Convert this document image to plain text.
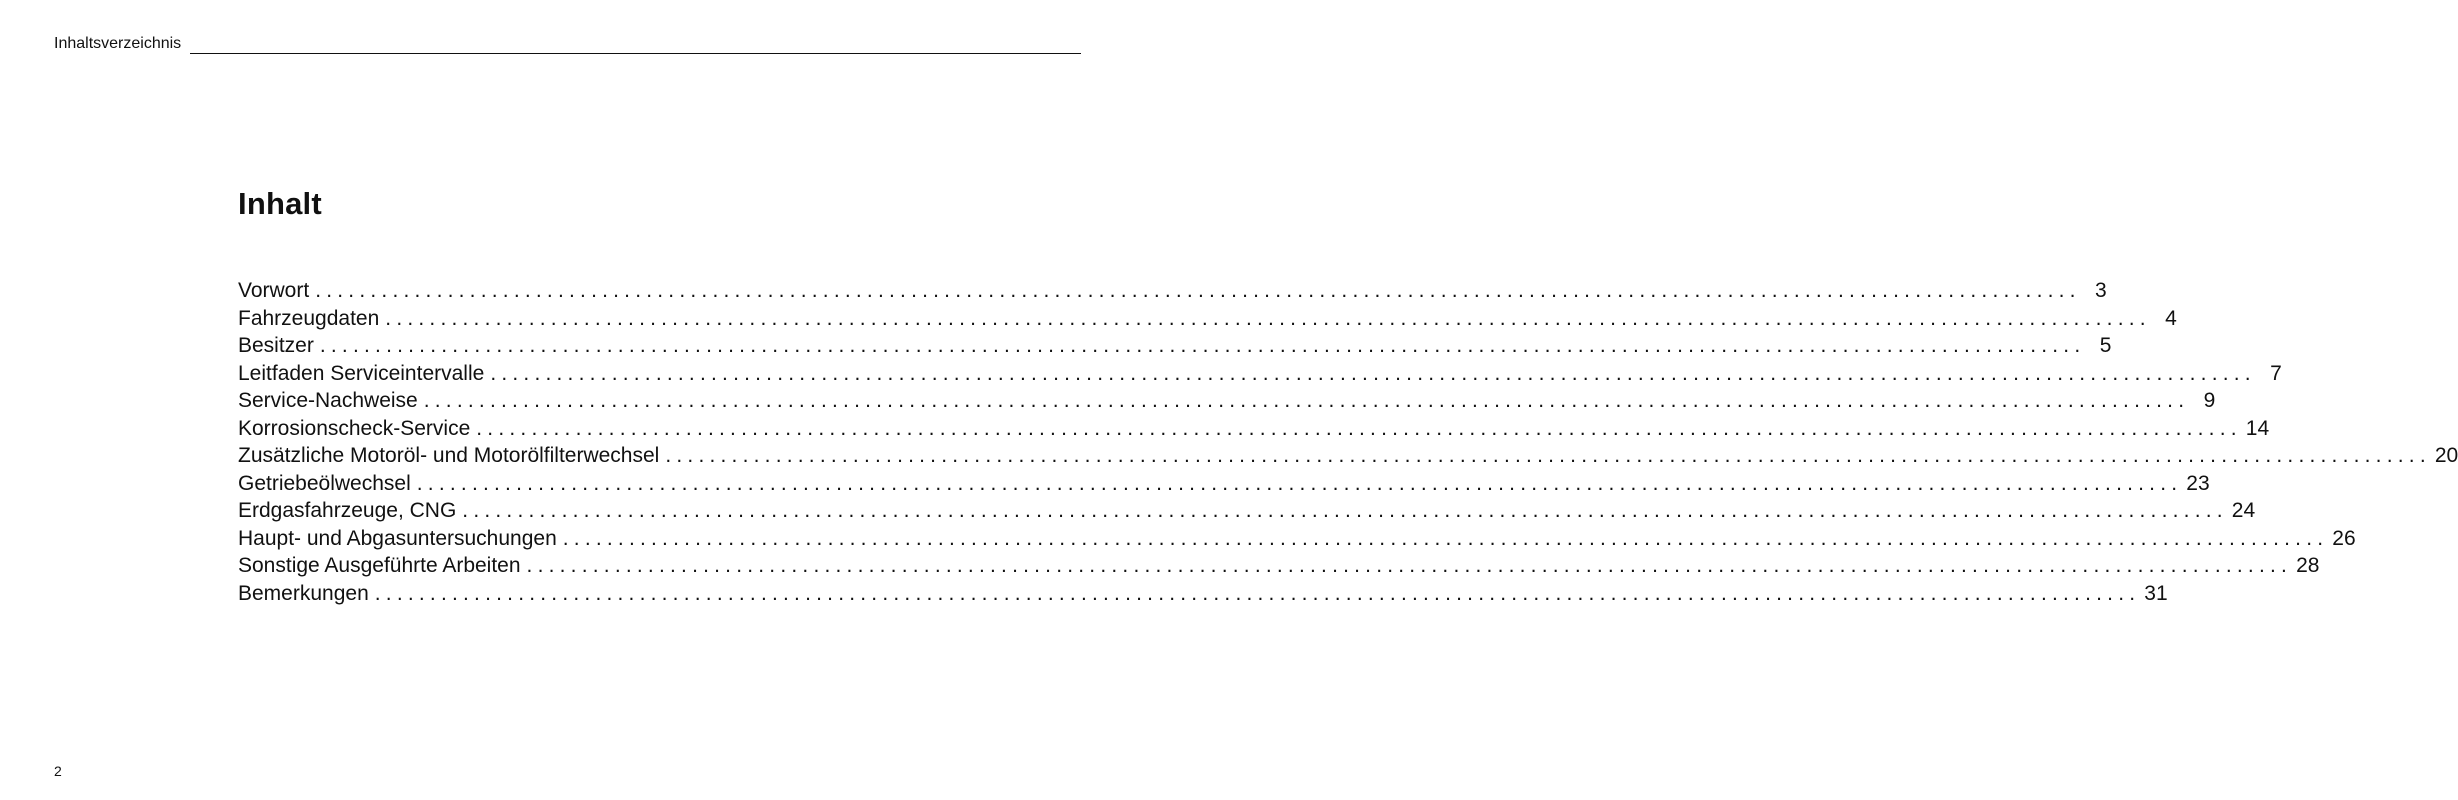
Inhaltsverzeichnis
Inhalt
Vorwort ................................................................................................................................................................ 3
Fahrzeugdaten ................................................................................................................................................................ 4
Besitzer ................................................................................................................................................................ 5
Leitfaden Serviceintervalle ................................................................................................................................................................ 7
Service-Nachweise ................................................................................................................................................................ 9
Korrosionscheck-Service ................................................................................................................................................................ 14
Zusätzliche Motoröl- und Motorölfilterwechsel ................................................................................................................................................................ 20
Getriebeölwechsel ................................................................................................................................................................ 23
Erdgasfahrzeuge, CNG ................................................................................................................................................................ 24
Haupt- und Abgasuntersuchungen ................................................................................................................................................................ 26
Sonstige Ausgeführte Arbeiten ................................................................................................................................................................ 28
Bemerkungen ................................................................................................................................................................ 31
2
